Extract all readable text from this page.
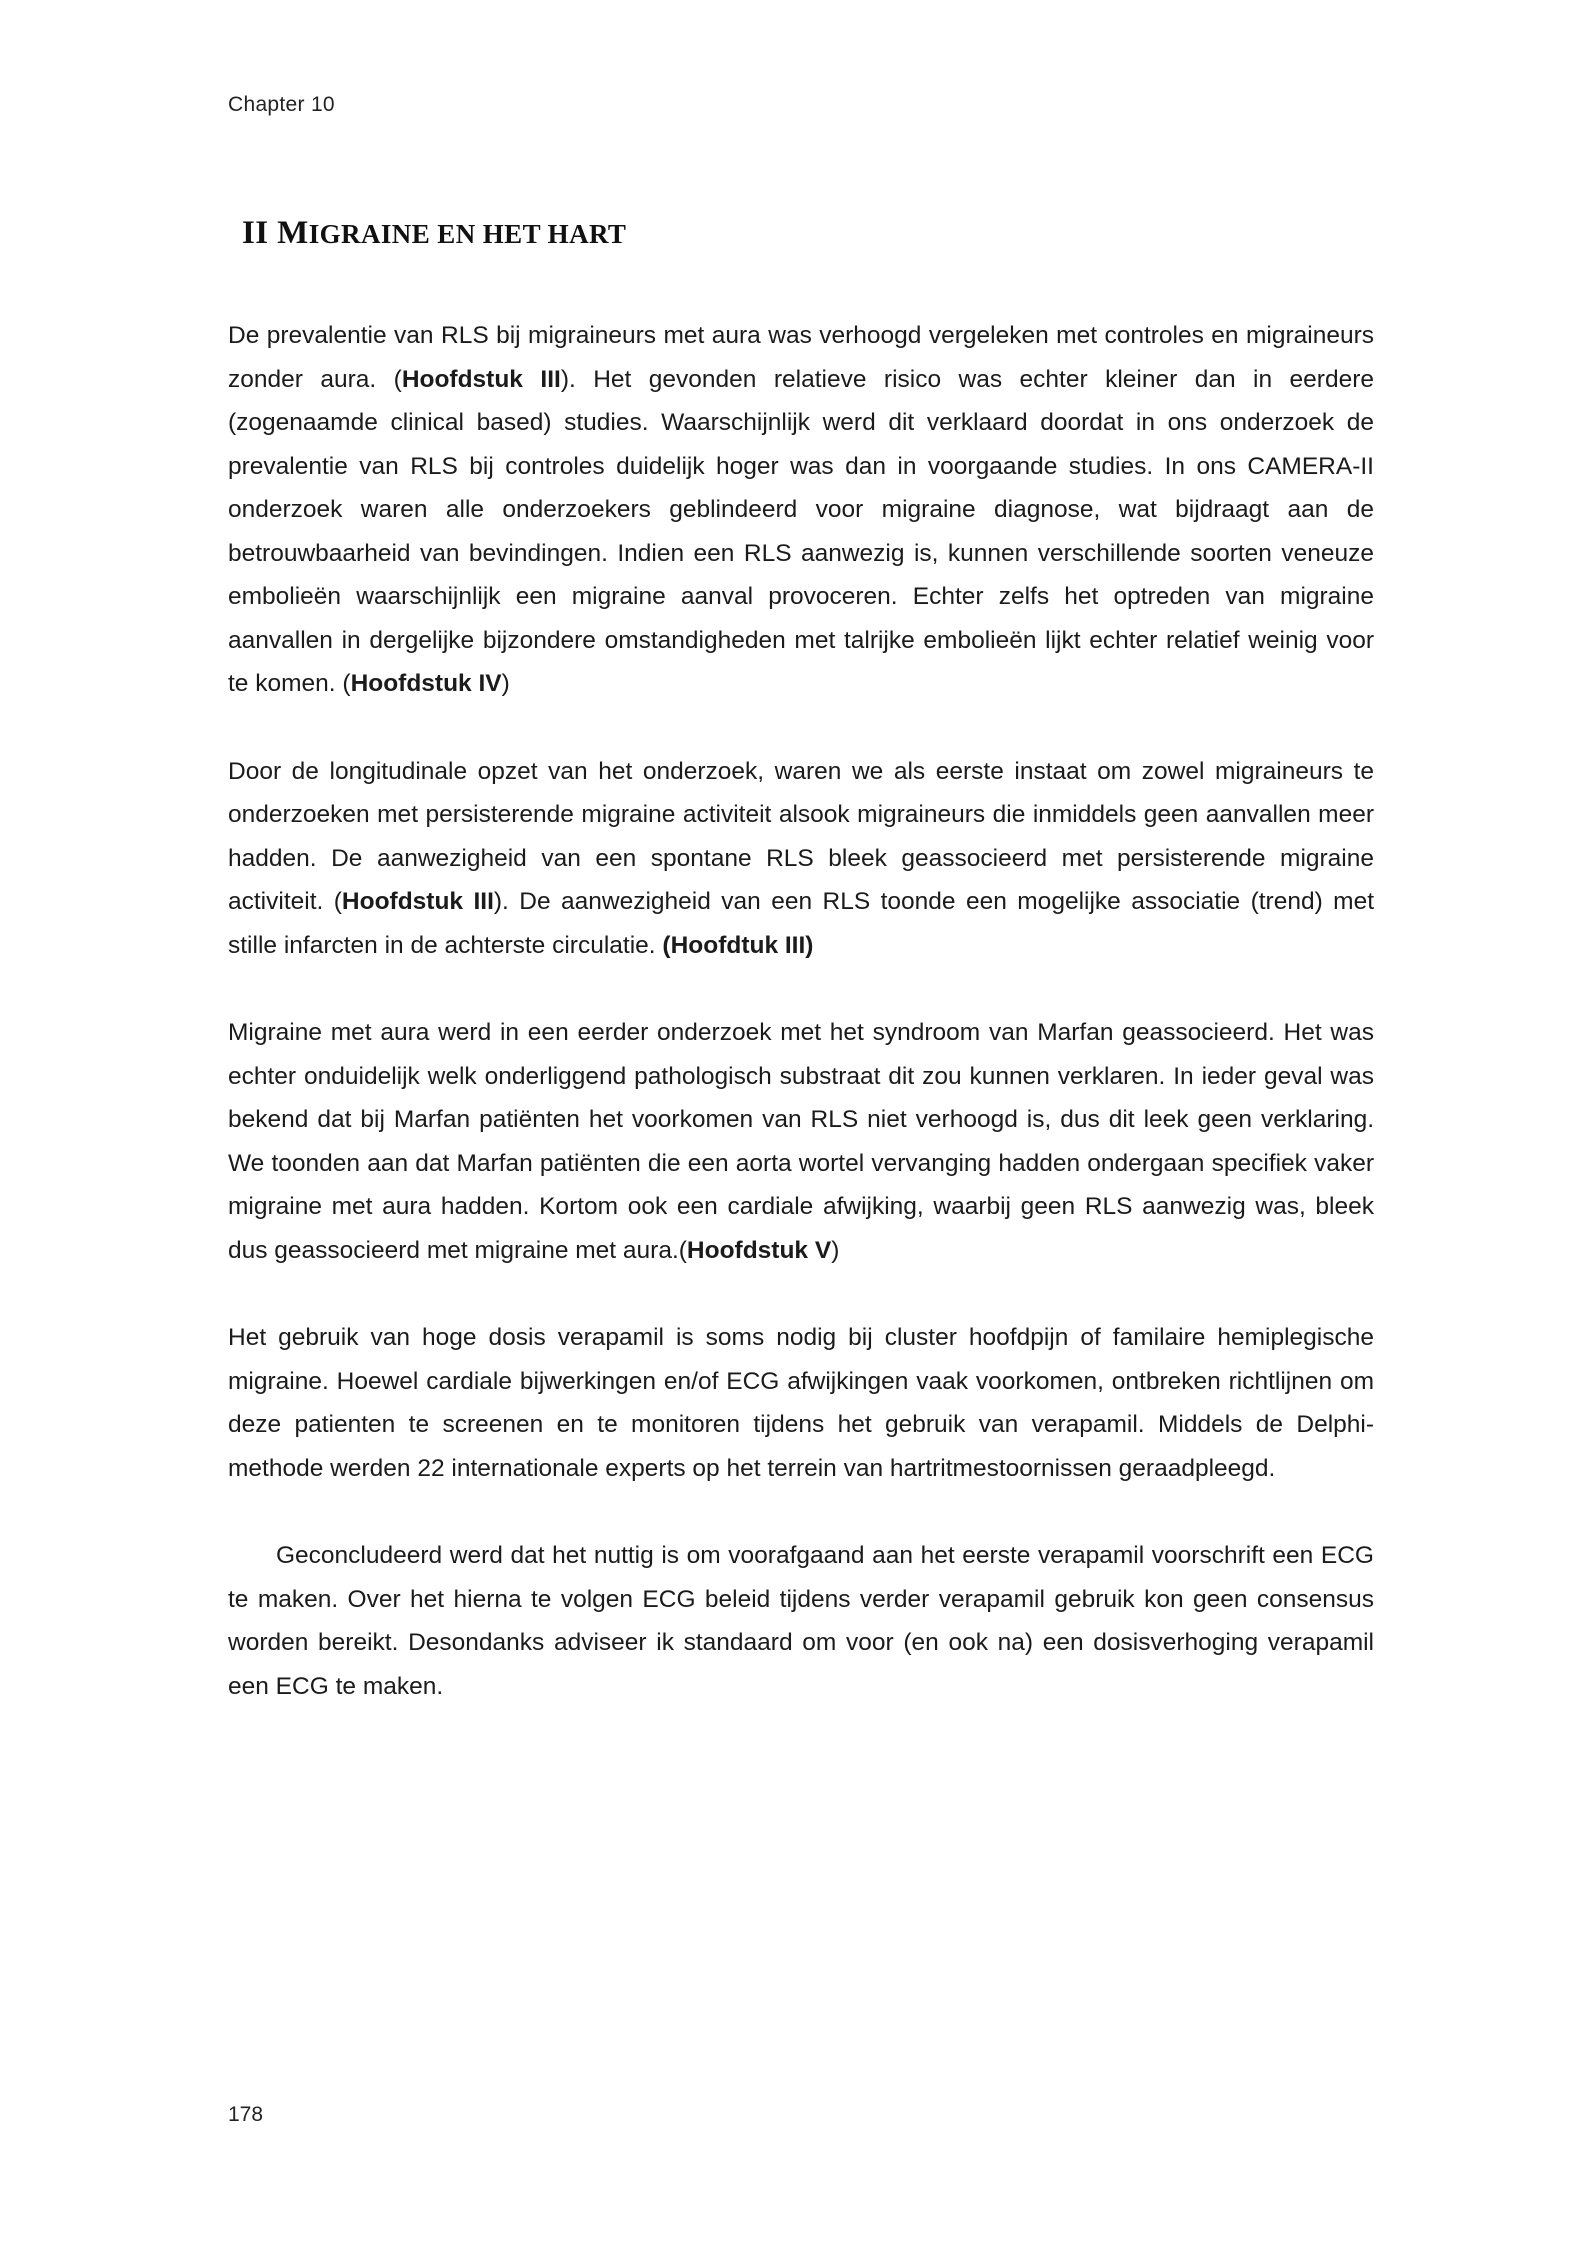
Chapter 10
II MIGRAINE EN HET HART

De prevalentie van RLS bij migraineurs met aura was verhoogd vergeleken met controles en migraineurs zonder aura. (Hoofdstuk III). Het gevonden relatieve risico was echter kleiner dan in eerdere (zogenaamde clinical based) studies. Waarschijnlijk werd dit verklaard doordat in ons onderzoek de prevalentie van RLS bij controles duidelijk hoger was dan in voorgaande studies. In ons CAMERA-II onderzoek waren alle onderzoekers geblindeerd voor migraine diagnose, wat bijdraagt aan de betrouwbaarheid van bevindingen. Indien een RLS aanwezig is, kunnen verschillende soorten veneuze embolieën waarschijnlijk een migraine aanval provoceren. Echter zelfs het optreden van migraine aanvallen in dergelijke bijzondere omstandigheden met talrijke embolieën lijkt echter relatief weinig voor te komen. (Hoofdstuk IV)

Door de longitudinale opzet van het onderzoek, waren we als eerste instaat om zowel migraineurs te onderzoeken met persisterende migraine activiteit alsook migraineurs die inmiddels geen aanvallen meer hadden. De aanwezigheid van een spontane RLS bleek geassocieerd met persisterende migraine activiteit. (Hoofdstuk III). De aanwezigheid van een RLS toonde een mogelijke associatie (trend) met stille infarcten in de achterste circulatie. (Hoofdtuk III)

Migraine met aura werd in een eerder onderzoek met het syndroom van Marfan geassocieerd. Het was echter onduidelijk welk onderliggend pathologisch substraat dit zou kunnen verklaren. In ieder geval was bekend dat bij Marfan patiënten het voorkomen van RLS niet verhoogd is, dus dit leek geen verklaring. We toonden aan dat Marfan patiënten die een aorta wortel vervanging hadden ondergaan specifiek vaker migraine met aura hadden. Kortom ook een cardiale afwijking, waarbij geen RLS aanwezig was, bleek dus geassocieerd met migraine met aura.(Hoofdstuk V)

Het gebruik van hoge dosis verapamil is soms nodig bij cluster hoofdpijn of familaire hemiplegische migraine. Hoewel cardiale bijwerkingen en/of ECG afwijkingen vaak voorkomen, ontbreken richtlijnen om deze patienten te screenen en te monitoren tijdens het gebruik van verapamil. Middels de Delphi-methode werden 22 internationale experts op het terrein van hartritmestoornissen geraadpleegd.

Geconcludeerd werd dat het nuttig is om voorafgaand aan het eerste verapamil voorschrift een ECG te maken. Over het hierna te volgen ECG beleid tijdens verder verapamil gebruik kon geen consensus worden bereikt. Desondanks adviseer ik standaard om voor (en ook na) een dosisverhoging verapamil een ECG te maken.

178
